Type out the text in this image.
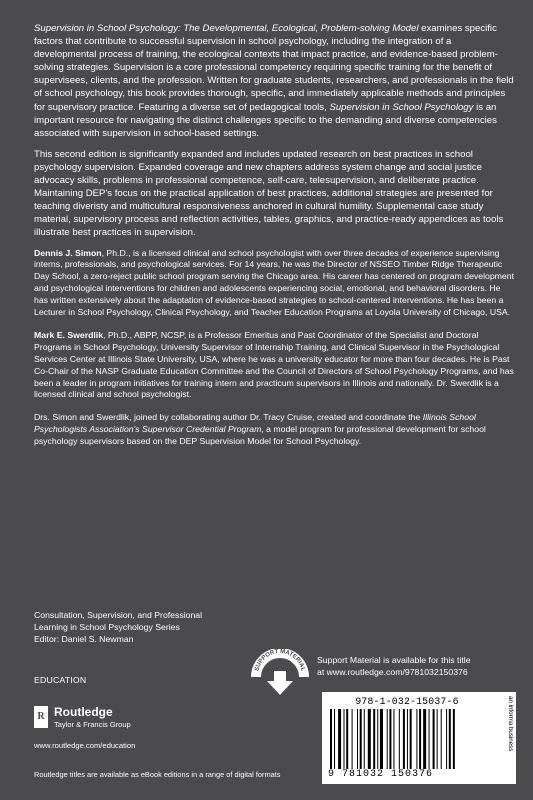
Supervision in School Psychology: The Developmental, Ecological, Problem-solving Model examines specific factors that contribute to successful supervision in school psychology, including the integration of a developmental process of training, the ecological contexts that impact practice, and evidence-based problem-solving strategies. Supervision is a core professional competency requiring specific training for the benefit of supervisees, clients, and the profession. Written for graduate students, researchers, and professionals in the field of school psychology, this book provides thorough, specific, and immediately applicable methods and principles for supervisory practice. Featuring a diverse set of pedagogical tools, Supervision in School Psychology is an important resource for navigating the distinct challenges specific to the demanding and diverse competencies associated with supervision in school-based settings.

This second edition is significantly expanded and includes updated research on best practices in school psychology supervision. Expanded coverage and new chapters address system change and social justice advocacy skills, problems in professional competence, self-care, telesupervision, and deliberate practice. Maintaining DEP's focus on the practical application of best practices, additional strategies are presented for teaching diveristy and multicultural responsiveness anchored in cultural humility. Supplemental case study material, supervisory process and reflection activities, tables, graphics, and practice-ready appendices as tools illustrate best practices in supervision.

Dennis J. Simon, Ph.D., is a licensed clinical and school psychologist with over three decades of experience supervising interns, professionals, and psychological services. For 14 years, he was the Director of NSSEO Timber Ridge Therapeutic Day School, a zero-reject public school program serving the Chicago area. His career has centered on program development and psychological interventions for children and adolescents experiencing social, emotional, and behavioral disorders. He has written extensively about the adaptation of evidence-based strategies to school-centered interventions. He has been a Lecturer in School Psychology, Clinical Psychology, and Teacher Education Programs at Loyola University of Chicago, USA.

Mark E. Swerdlik, Ph.D., ABPP, NCSP, is a Professor Emeritus and Past Coordinator of the Specialist and Doctoral Programs in School Psychology, University Supervisor of Internship Training, and Clinical Supervisor in the Psychological Services Center at Illinois State University, USA, where he was a university educator for more than four decades. He is Past Co-Chair of the NASP Graduate Education Committee and the Council of Directors of School Psychology Programs, and has been a leader in program initiatives for training intern and practicum supervisors in Illinois and nationally. Dr. Swerdlik is a licensed clinical and school psychologist.

Drs. Simon and Swerdlik, joined by collaborating author Dr. Tracy Cruise, created and coordinate the Illinois School Psychologists Association's Supervisor Credential Program, a model program for professional development for school psychology supervisors based on the DEP Supervision Model for School Psychology.

Consultation, Supervision, and Professional
Learning in School Psychology Series
Editor: Daniel S. Newman
EDUCATION
SUPPORT MATERIAL
Support Material is available for this title
at www.routledge.com/9781032150376
R Routledge
Taylor & Francis Group
www.routledge.com/education
Routledge titles are available as eBook editions in a range of digital formats
978-1-032-15037-6
9 781032 150376
an informa business
